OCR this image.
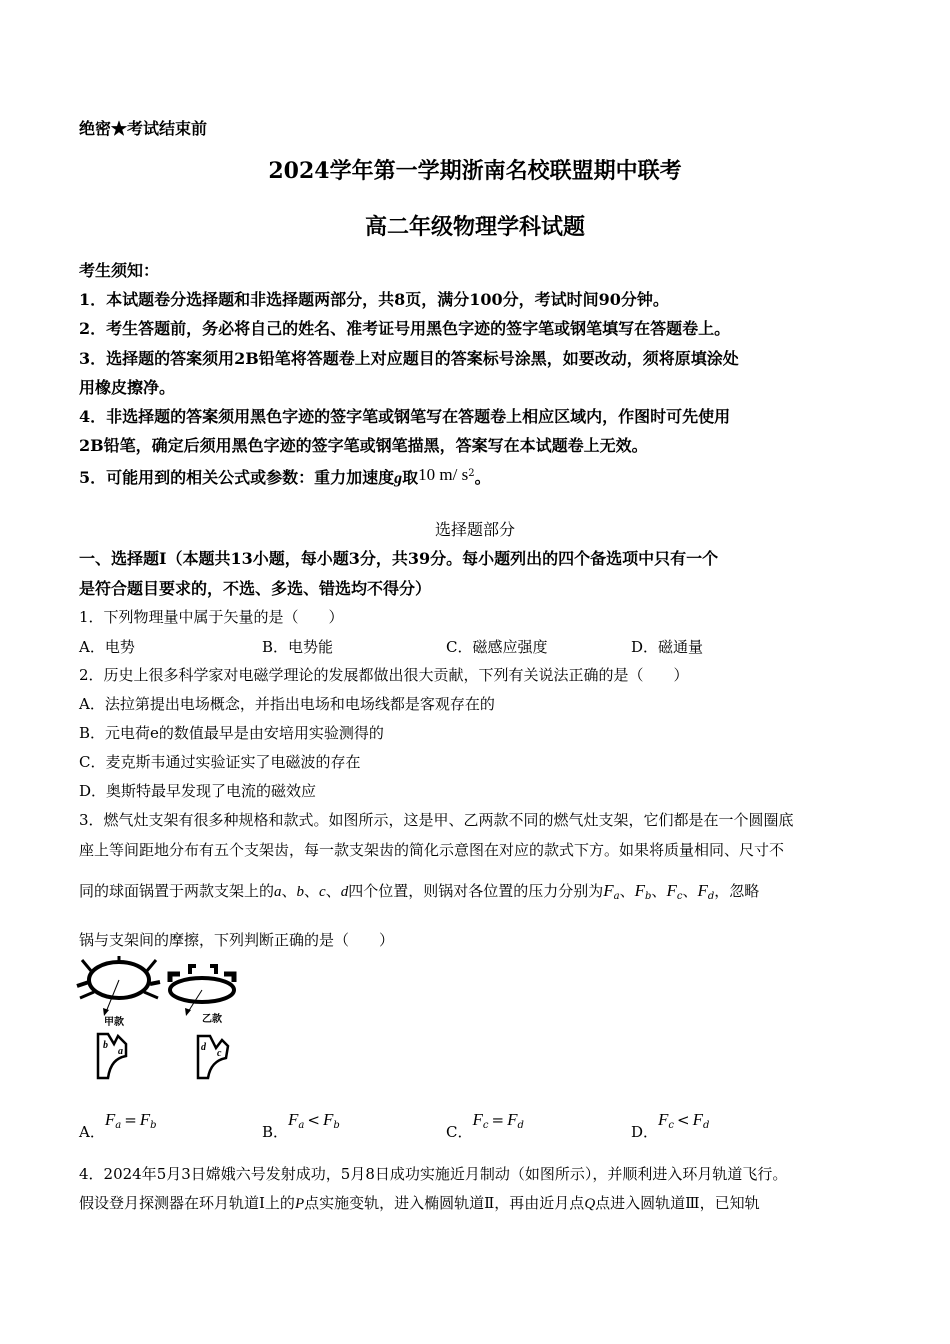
绝密★考试结束前
2024学年第一学期浙南名校联盟期中联考
高二年级物理学科试题
考生须知：
1．本试题卷分选择题和非选择题两部分，共8页，满分100分，考试时间90分钟。
2．考生答题前，务必将自己的姓名、准考证号用黑色字迹的签字笔或钢笔填写在答题卷上。
3．选择题的答案须用2B铅笔将答题卷上对应题目的答案标号涂黑，如要改动，须将原填涂处
用橡皮擦净。
4．非选择题的答案须用黑色字迹的签字笔或钢笔写在答题卷上相应区域内，作图时可先使用
2B铅笔，确定后须用黑色字迹的签字笔或钢笔描黑，答案写在本试题卷上无效。
5．可能用到的相关公式或参数：重力加速度g取10 m/ $s^2$。
选择题部分
一、选择题Ⅰ（本题共13小题，每小题3分，共39分。每小题列出的四个备选项中只有一个
是符合题目要求的，不选、多选、错选均不得分）
1．下列物理量中属于矢量的是（　　）
A．电势	B．电势能	C．磁感应强度	D．磁通量
2．历史上很多科学家对电磁学理论的发展都做出很大贡献，下列有关说法正确的是（　　）
A．法拉第提出电场概念，并指出电场和电场线都是客观存在的
B．元电荷e的数值最早是由安培用实验测得的
C．麦克斯韦通过实验证实了电磁波的存在
D．奥斯特最早发现了电流的磁效应
3．燃气灶支架有很多种规格和款式。如图所示，这是甲、乙两款不同的燃气灶支架，它们都是在一个圆圈底
座上等间距地分布有五个支架齿，每一款支架齿的简化示意图在对应的款式下方。如果将质量相同、尺寸不
同的球面锅置于两款支架上的a、b、c、d四个位置，则锅对各位置的压力分别为$F_a$、$F_b$、$F_c$、$F_d$，忽略
锅与支架间的摩擦，下列判断正确的是（　　）
甲款
b
a
乙款
d
c
A．$F_a = F_b$	B．$F_a < F_b$	C．$F_c = F_d$	D．$F_c < F_d$
4．2024年5月3日嫦娥六号发射成功，5月8日成功实施近月制动（如图所示），并顺利进入环月轨道飞行。
假设登月探测器在环月轨道Ⅰ上的P点实施变轨，进入椭圆轨道Ⅱ，再由近月点Q点进入圆轨道Ⅲ，已知轨
